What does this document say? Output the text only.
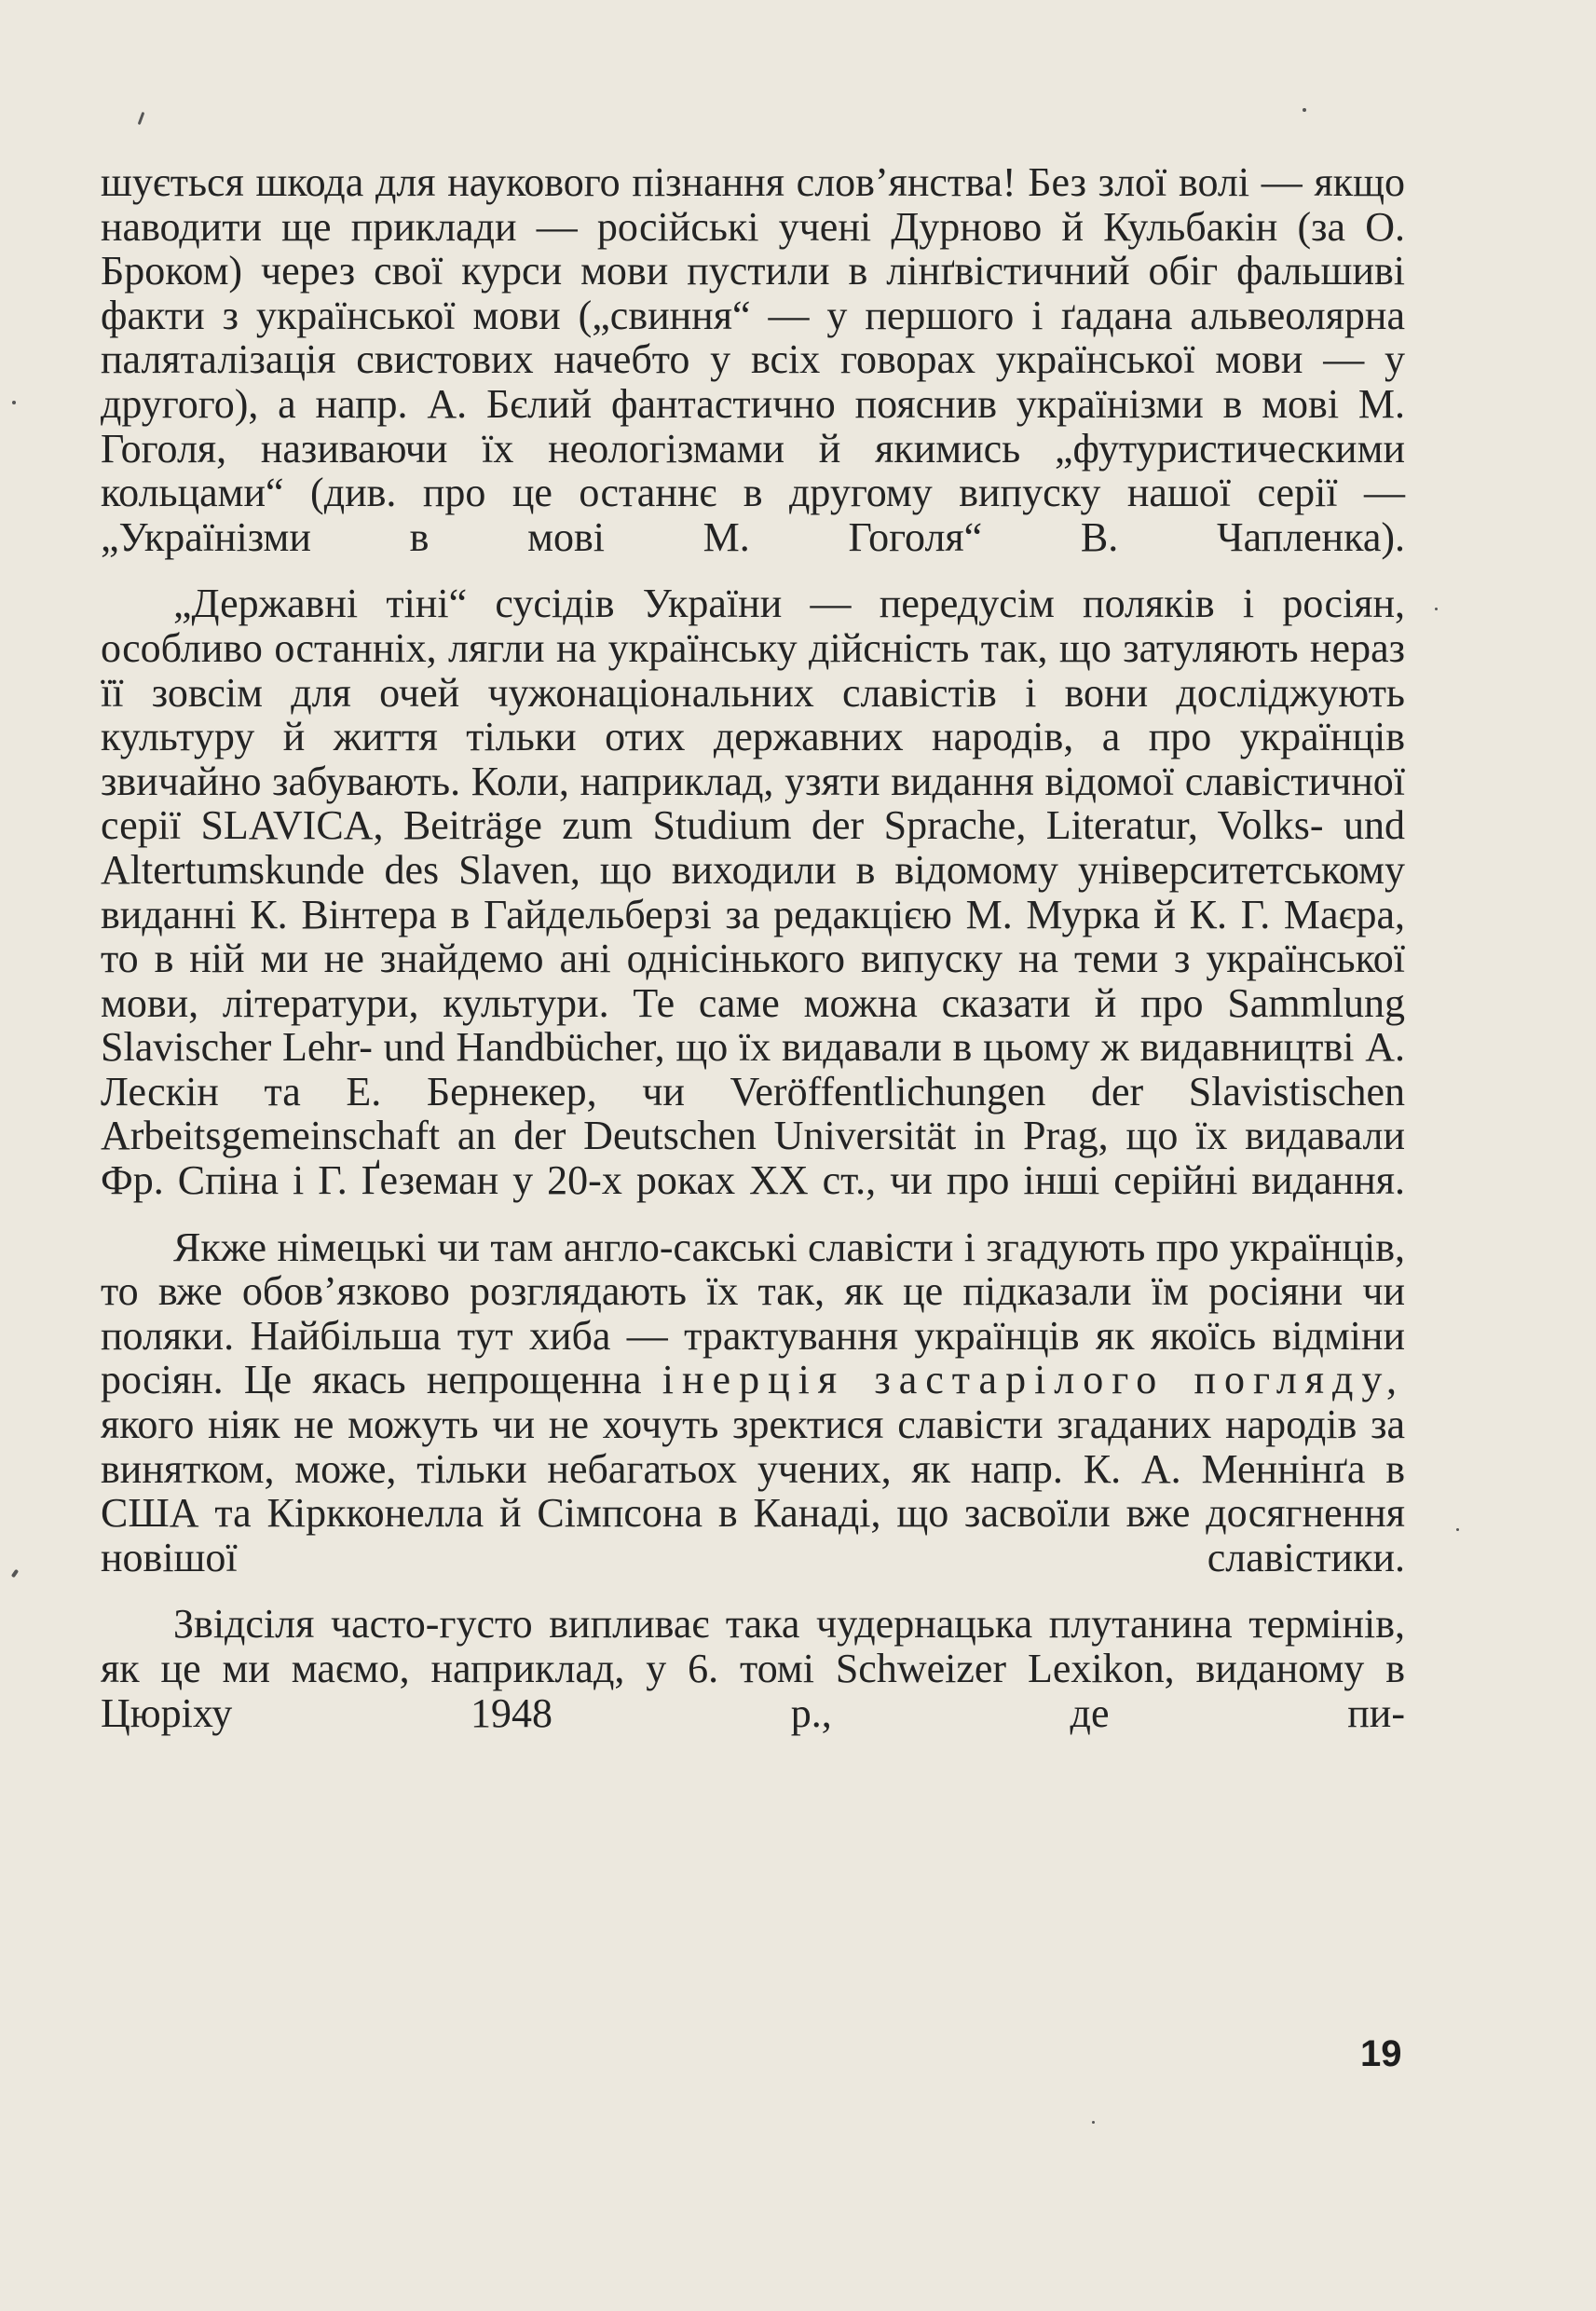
шується шкода для наукового пізнання слов’янства! Без злої волі — якщо наводити ще приклади — російські учені Дурново й Кульбакін (за О. Броком) через свої курси мови пустили в лінґвістичний обіг фальшиві факти з української мови („свиння“ — у першого і ґадана альвеолярна паляталізація свистових начебто у всіх говорах української мови — у другого), а напр. А. Бєлий фантастично пояснив українізми в мові М. Гоголя, називаючи їх неологізмами й якимись „футуристическими кольцами“ (див. про це останнє в другому випуску нашої серії — „Українізми в мові М. Гоголя“ В. Чапленка).

„Державні тіні“ сусідів України — передусім поляків і росіян, особливо останніх, лягли на українську дійсність так, що затуляють нераз її зовсім для очей чужонаціональних славістів і вони досліджують культуру й життя тільки отих державних народів, а про українців звичайно забувають. Коли, наприклад, узяти видання відомої славістичної серії SLAVICA, Beiträge zum Studium der Sprache, Literatur, Volks- und Altertumskunde des Slaven, що виходили в відомому університетському виданні К. Вінтера в Гайдельберзі за редакцією М. Мурка й К. Г. Маєра, то в ній ми не знайдемо ані однісінького випуску на теми з української мови, літератури, культури. Те саме можна сказати й про Sammlung Slavischer Lehr- und Handbücher, що їх видавали в цьому ж видавництві А. Лескін та Е. Бернекер, чи Veröffentlichungen der Slavistischen Arbeitsgemeinschaft an der Deutschen Universität in Prag, що їх видавали Фр. Спіна і Г. Ґеземан у 20-х роках XX ст., чи про інші серійні видання.

Якже німецькі чи там англо-сакські славісти і згадують про українців, то вже обов’язково розглядають їх так, як це підказали їм росіяни чи поляки. Найбільша тут хиба — трактування українців як якоїсь відміни росіян. Це якась непрощенна інерція застарілого погляду, якого ніяк не можуть чи не хочуть зректися славісти згаданих народів за винятком, може, тільки небагатьох учених, як напр. К. А. Меннінґа в США та Кіркконелла й Сімпсона в Канаді, що засвоїли вже досягнення новішої славістики.

Звідсіля часто-густо випливає така чудернацька плутанина термінів, як це ми маємо, наприклад, у 6. томі Schweizer Lexikon, виданому в Цюріху 1948 р., де пи-

19
